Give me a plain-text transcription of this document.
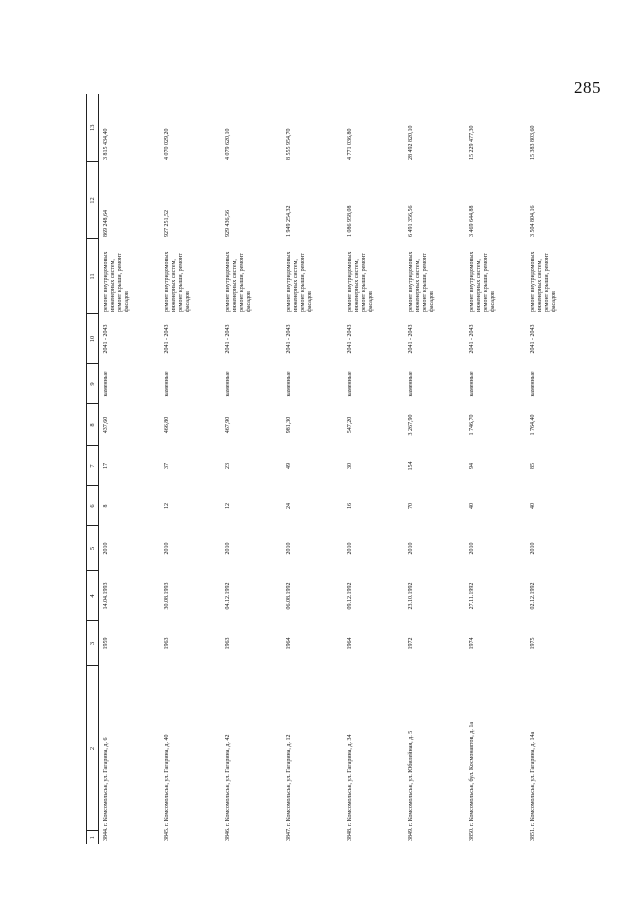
285
1	2	3	4	5	6	7	8	9	10	11	12	13
3844. г. Комсомольськ, ул. Гагарина, д. 6		1959	14.04.1993	2010	8	17	437,60	каменные	2041 - 2043	ремонт внутридомовых инженерных систем, ремонт крыши, ремонт фасадов	869 248,64	3 815 434,40
3845. г. Комсомольськ, ул. Гагарина, д. 40		1963	30.08.1993	2010	12	37	466,80	каменные	2041 - 2043	ремонт внутридомовых инженерных систем, ремонт крыши, ремонт фасадов	927 251,52	4 070 029,20
3846. г. Комсомольськ, ул. Гагарина, д. 42		1963	04.12.1992	2010	12	23	467,90	каменные	2041 - 2043	ремонт внутридомовых инженерных систем, ремонт крыши, ремонт фасадов	929 436,56	4 079 620,10
3847. г. Комсомольськ, ул. Гагарина, д. 12		1964	06.08.1992	2010	24	49	981,30	каменные	2041 - 2043	ремонт внутридомовых инженерных систем, ремонт крыши, ремонт фасадов	1 949 254,32	8 555 954,70
3848. г. Комсомольськ, ул. Гагарина, д. 34		1964	09.12.1992	2010	16	30	547,20	каменные	2041 - 2043	ремонт внутридомовых инженерных систем, ремонт крыши, ремонт фасадов	1 086 958,08	4 771 036,80
3849. г. Комсомольськ, ул. Юбилейная, д. 5		1972	23.10.1992	2010	70	154	3 267,90	каменные	2041 - 2043	ремонт внутридомовых инженерных систем, ремонт крыши, ремонт фасадов	6 491 356,56	28 492 820,10
3850. г. Комсомольськ, бул. Космонавтов, д. 1а		1974	27.11.1992	2010	40	94	1 746,70	каменные	2041 - 2043	ремонт внутридомовых инженерных систем, ремонт крыши, ремонт фасадов	3 469 644,88	15 229 477,30
3851. г. Комсомольськ, ул. Гагарина, д. 14а		1975	02.12.1992	2010	40	85	1 764,40	каменные	2041 - 2043	ремонт внутридомовых инженерных систем, ремонт крыши, ремонт фасадов	3 504 804,16	15 383 803,60
